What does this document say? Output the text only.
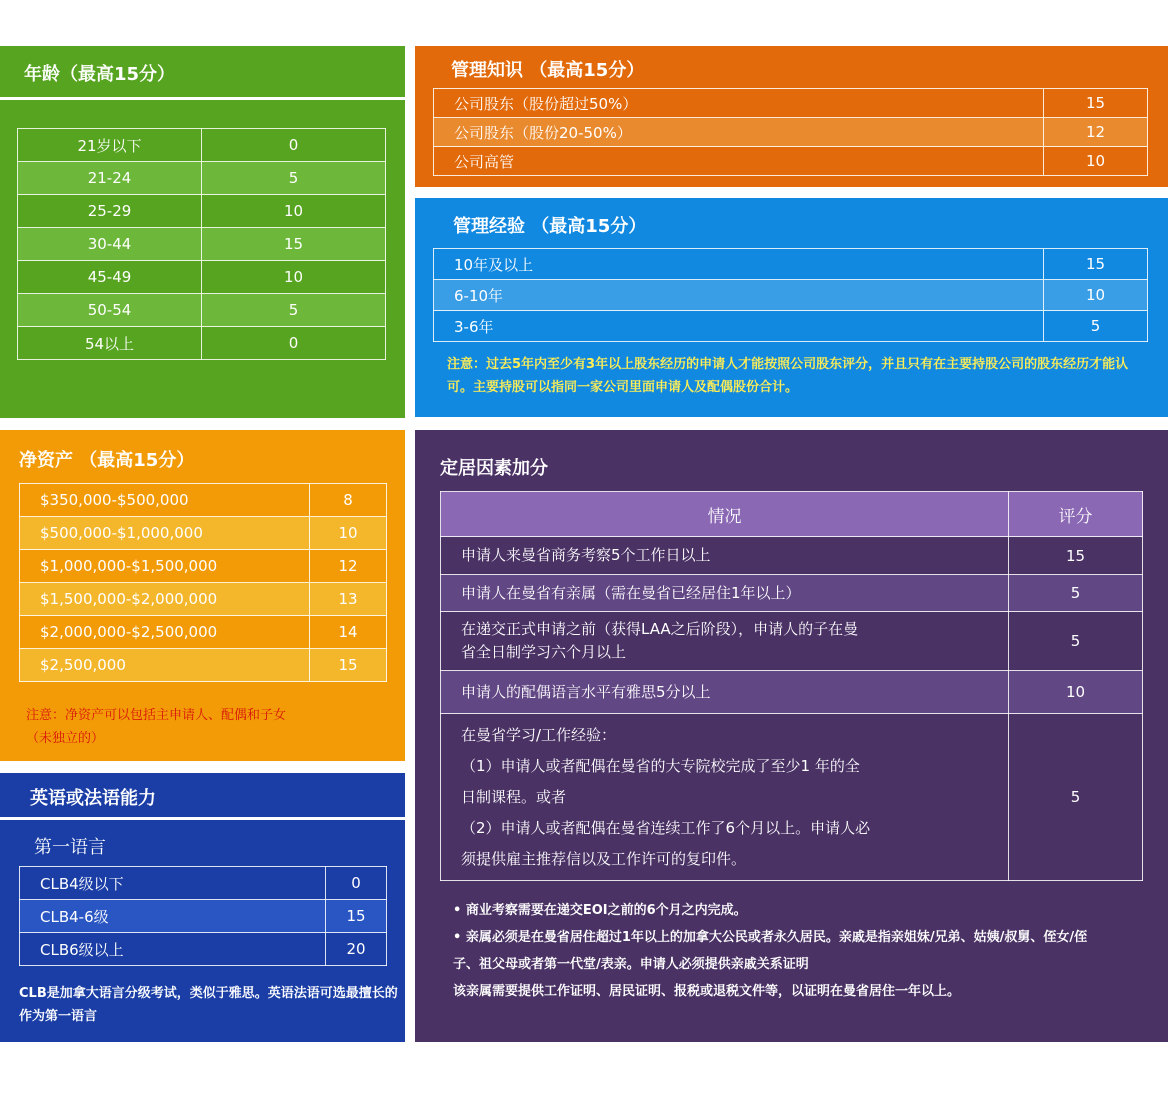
年龄（最高15分）
21岁以下	0
21-24	5
25-29	10
30-44	15
45-49	10
50-54	5
54以上	0
管理知识 （最高15分）
公司股东（股份超过50%）	15
公司股东（股份20-50%）	12
公司高管	10
管理经验 （最高15分）
10年及以上	15
6-10年	10
3-6年	5
注意：过去5年内至少有3年以上股东经历的申请人才能按照公司股东评分，并且只有在主要持股公司的股东经历才能认可。主要持股可以指同一家公司里面申请人及配偶股份合计。
净资产 （最高15分）
$350,000-$500,000	8
$500,000-$1,000,000	10
$1,000,000-$1,500,000	12
$1,500,000-$2,000,000	13
$2,000,000-$2,500,000	14
$2,500,000	15
注意：净资产可以包括主申请人、配偶和子女
（未独立的）
英语或法语能力
第一语言
CLB4级以下	0
CLB4-6级	15
CLB6级以上	20
CLB是加拿大语言分级考试，类似于雅思。英语法语可选最擅长的作为第一语言
定居因素加分
情况	评分

申请人来曼省商务考察5个工作日以上	15

申请人在曼省有亲属（需在曼省已经居住1年以上）	5

在递交正式申请之前（获得LAA之后阶段），申请人的子在曼
省全日制学习六个月以上	5

申请人的配偶语言水平有雅思5分以上	10

在曼省学习/工作经验：
（1）申请人或者配偶在曼省的大专院校完成了至少1 年的全
日制课程。或者
（2）申请人或者配偶在曼省连续工作了6个月以上。申请人必
须提供雇主推荐信以及工作许可的复印件。	5
• 商业考察需要在递交EOI之前的6个月之内完成。
• 亲属必须是在曼省居住超过1年以上的加拿大公民或者永久居民。亲戚是指亲姐妹/兄弟、姑姨/叔舅、侄女/侄
子、祖父母或者第一代堂/表亲。申请人必须提供亲戚关系证明
该亲属需要提供工作证明、居民证明、报税或退税文件等，以证明在曼省居住一年以上。
